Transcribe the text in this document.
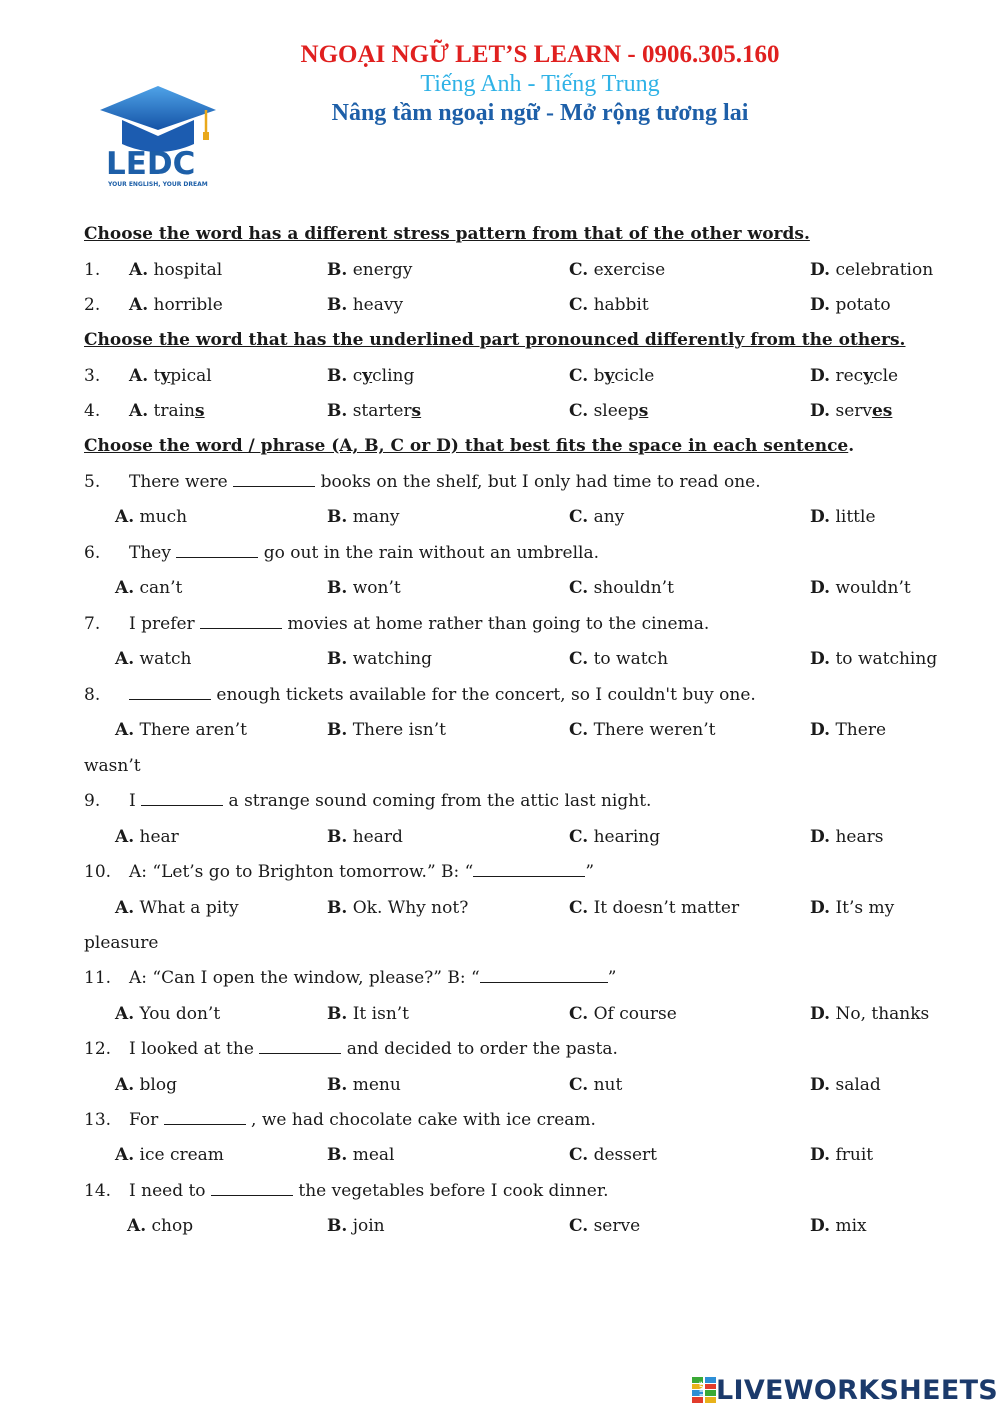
LEDC
YOUR ENGLISH, YOUR DREAM
NGOẠI NGỮ LET’S LEARN - 0906.305.160
Tiếng Anh - Tiếng Trung
Nâng tầm ngoại ngữ - Mở rộng tương lai
Choose the word has a different stress pattern from that of the other words.
1. A. hospital	B. energy	C. exercise	D. celebration
2. A. horrible	B. heavy	C. habbit	D. potato
Choose the word that has the underlined part pronounced differently from the others.
3. A. typical	B. cycling	C. bycicle	D. recycle
4. A. trains	B. starters	C. sleeps	D. serves
Choose the word / phrase (A, B, C or D) that best fits the space in each sentence.
5. There were	books on the shelf, but I only had time to read one.
A. much	B. many	C. any	D. little
6. They	go out in the rain without an umbrella.
A. can’t	B. won’t	C. shouldn’t	D. wouldn’t
7. I prefer	movies at home rather than going to the cinema.
A. watch	B. watching	C. to watch	D. to watching
8.	enough tickets available for the concert, so I couldn't buy one.
A. There aren’t	B. There isn’t	C. There weren’t	D. There
wasn’t
9. I	a strange sound coming from the attic last night.
A. hear	B. heard	C. hearing	D. hears
10. A: “Let’s go to Brighton tomorrow.” B: “	”
A. What a pity	B. Ok. Why not?	C. It doesn’t matter	D. It’s my
pleasure
11. A: “Can I open the window, please?” B: “	”
A. You don’t	B. It isn’t	C. Of course	D. No, thanks
12. I looked at the	and decided to order the pasta.
A. blog	B. menu	C. nut	D. salad
13. For	, we had chocolate cake with ice cream.
A. ice cream	B. meal	C. dessert	D. fruit
14. I need to	the vegetables before I cook dinner.
A. chop	B. join	C. serve	D. mix
LIVE LIVEWORKSHEETS
